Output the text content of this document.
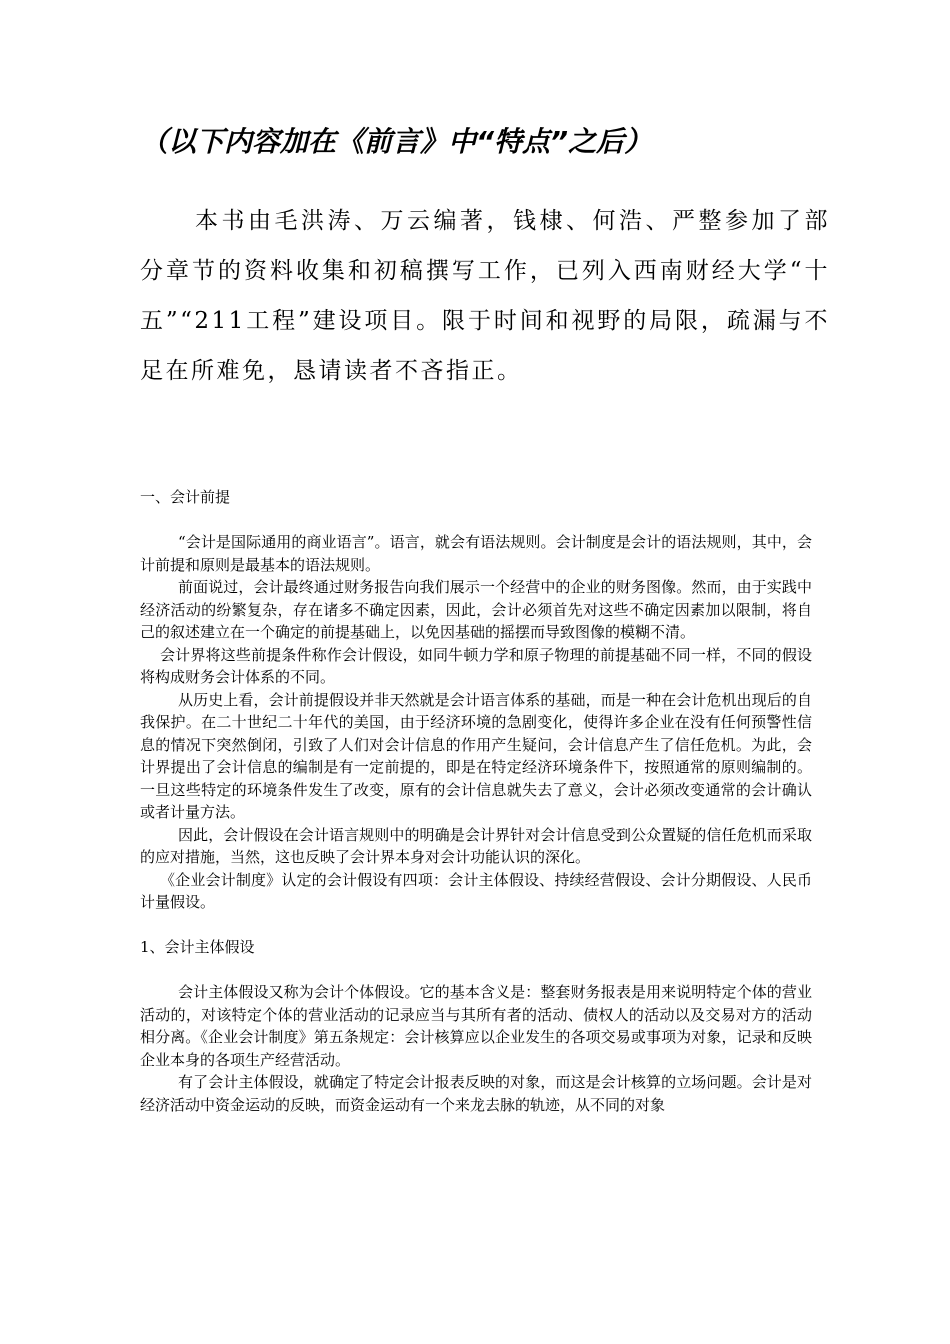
（以下内容加在《前言》中“特点”之后）

本书由毛洪涛、万云编著，钱棣、何浩、严整参加了部分章节的资料收集和初稿撰写工作，已列入西南财经大学“十五”“211工程”建设项目。限于时间和视野的局限，疏漏与不足在所难免，恳请读者不吝指正。

一、会计前提

“会计是国际通用的商业语言”。语言，就会有语法规则。会计制度是会计的语法规则，其中，会计前提和原则是最基本的语法规则。

前面说过，会计最终通过财务报告向我们展示一个经营中的企业的财务图像。然而，由于实践中经济活动的纷繁复杂，存在诸多不确定因素，因此，会计必须首先对这些不确定因素加以限制，将自己的叙述建立在一个确定的前提基础上，以免因基础的摇摆而导致图像的模糊不清。

会计界将这些前提条件称作会计假设，如同牛顿力学和原子物理的前提基础不同一样，不同的假设将构成财务会计体系的不同。

从历史上看，会计前提假设并非天然就是会计语言体系的基础，而是一种在会计危机出现后的自我保护。在二十世纪二十年代的美国，由于经济环境的急剧变化，使得许多企业在没有任何预警性信息的情况下突然倒闭，引致了人们对会计信息的作用产生疑问，会计信息产生了信任危机。为此，会计界提出了会计信息的编制是有一定前提的，即是在特定经济环境条件下，按照通常的原则编制的。一旦这些特定的环境条件发生了改变，原有的会计信息就失去了意义，会计必须改变通常的会计确认或者计量方法。

因此，会计假设在会计语言规则中的明确是会计界针对会计信息受到公众置疑的信任危机而采取的应对措施，当然，这也反映了会计界本身对会计功能认识的深化。

《企业会计制度》认定的会计假设有四项：会计主体假设、持续经营假设、会计分期假设、人民币计量假设。

1、会计主体假设

会计主体假设又称为会计个体假设。它的基本含义是：整套财务报表是用来说明特定个体的营业活动的，对该特定个体的营业活动的记录应当与其所有者的活动、债权人的活动以及交易对方的活动相分离。《企业会计制度》第五条规定：会计核算应以企业发生的各项交易或事项为对象，记录和反映企业本身的各项生产经营活动。

有了会计主体假设，就确定了特定会计报表反映的对象，而这是会计核算的立场问题。会计是对经济活动中资金运动的反映，而资金运动有一个来龙去脉的轨迹，从不同的对象
